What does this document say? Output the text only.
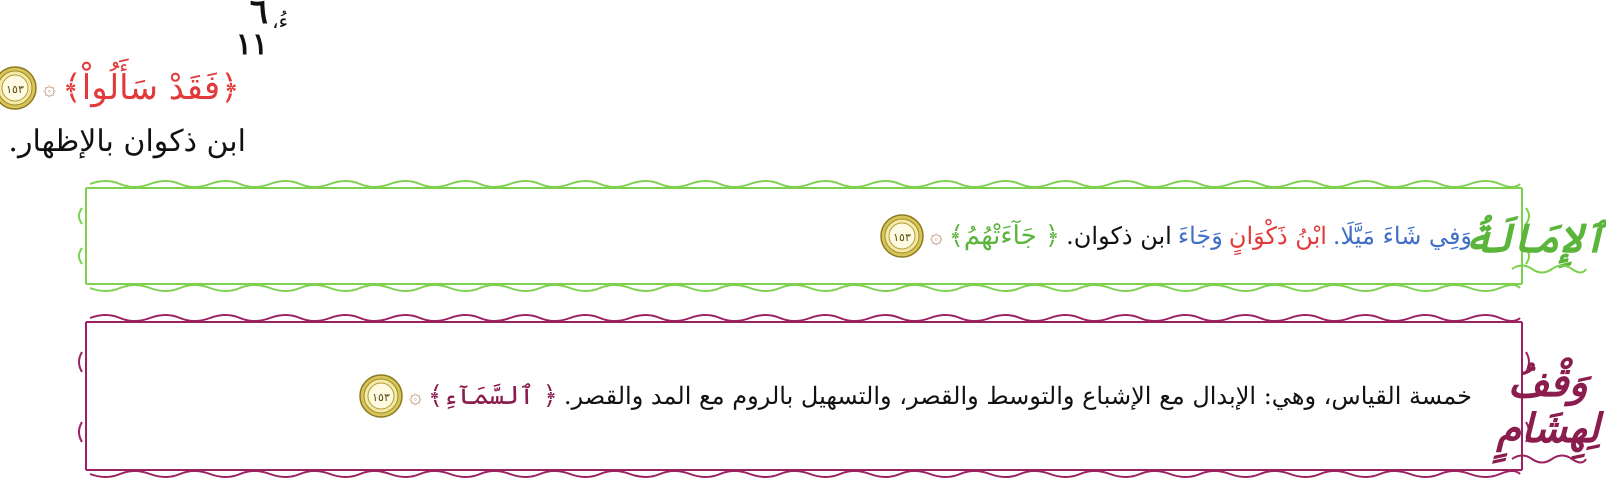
٦
١١
ءُ،
١٥٣ ۞ ﴿فَقَدْ سَأَلُواْ﴾
ابن ذكوان بالإظهار.
١٥٣ ۞ ﴿ جَآءَتْهُمُ﴾ ابن ذكوان. وَجَاءَ ابْنُ ذَكْوَانٍ وَفِي شَاءَ مَيَّلَا.
ٱلإِمَالَةُ
١٥٣ ۞ ﴿ ٱلسَّمَآءِ﴾ خمسة القياس، وهي: الإبدال مع الإشباع والتوسط والقصر، والتسهيل بالروم مع المد والقصر. وَقْفُ لِهِشَامٍ
